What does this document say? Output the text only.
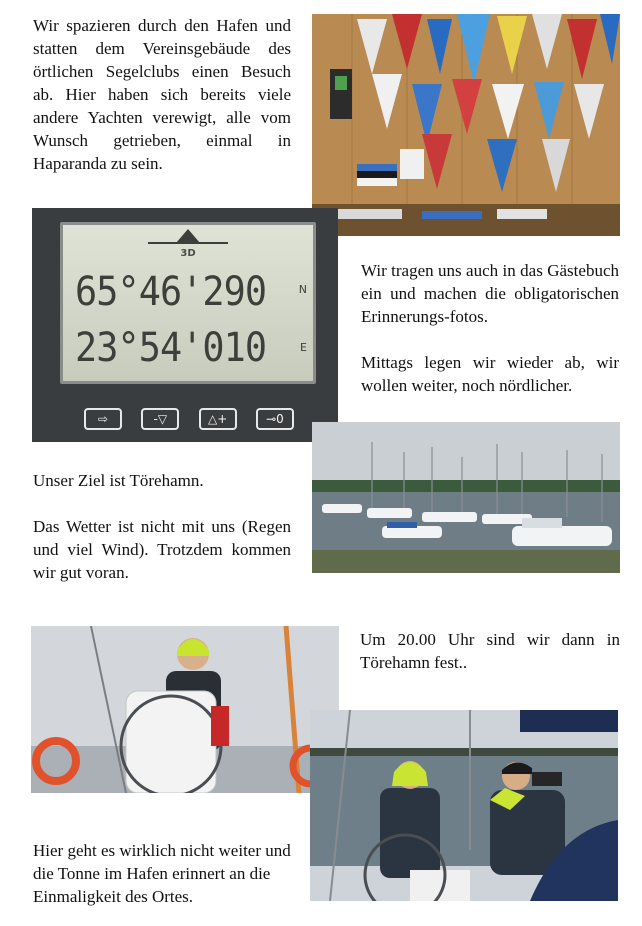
Wir spazieren durch den Hafen und statten dem Vereinsgebäude des örtlichen Segelclubs einen Besuch ab. Hier haben sich bereits viele andere Yachten verewigt, alle vom Wunsch getrieben, einmal in Haparanda zu sein.

3D
65°46'290	N
23°54'010	E
⇨	-▽	△+	⊸0

Wir tragen uns auch in das Gästebuch ein und machen die obligatorischen Erinnerungs-fotos.

Mittags legen wir wieder ab, wir wollen weiter, noch nördlicher.

Unser Ziel ist Törehamn.

Das Wetter ist nicht mit uns (Regen und viel Wind). Trotzdem kommen wir gut voran.

Um 20.00 Uhr sind wir dann in Törehamn fest..

Hier geht es wirklich nicht weiter und die Tonne im Hafen erinnert an die Einmaligkeit des Ortes.
